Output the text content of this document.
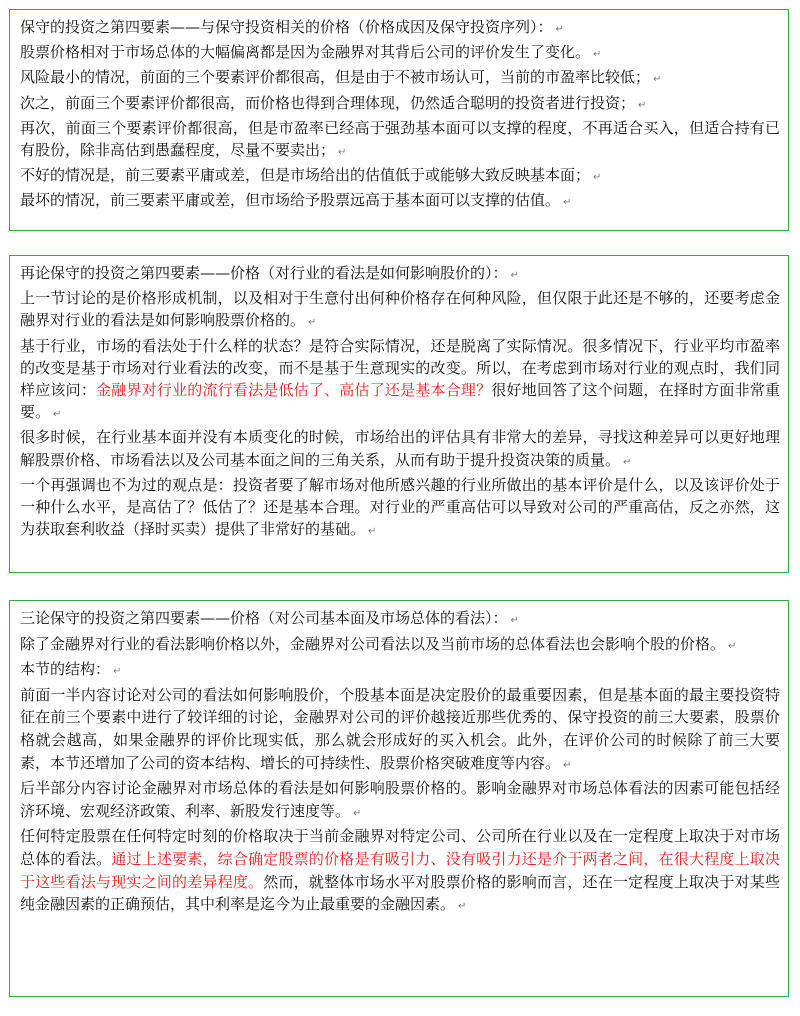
保守的投资之第四要素——与保守投资相关的价格（价格成因及保守投资序列）： ↵

股票价格相对于市场总体的大幅偏离都是因为金融界对其背后公司的评价发生了变化。 ↵

风险最小的情况，前面的三个要素评价都很高，但是由于不被市场认可，当前的市盈率比较低； ↵

次之，前面三个要素评价都很高，而价格也得到合理体现，仍然适合聪明的投资者进行投资； ↵

再次，前面三个要素评价都很高，但是市盈率已经高于强劲基本面可以支撑的程度，不再适合买入，但适合持有已有股份，除非高估到愚蠢程度，尽量不要卖出； ↵

不好的情况是，前三要素平庸或差，但是市场给出的估值低于或能够大致反映基本面； ↵

最坏的情况，前三要素平庸或差，但市场给予股票远高于基本面可以支撑的估值。 ↵

再论保守的投资之第四要素——价格（对行业的看法是如何影响股价的）： ↵

上一节讨论的是价格形成机制，以及相对于生意付出何种价格存在何种风险，但仅限于此还是不够的，还要考虑金融界对行业的看法是如何影响股票价格的。 ↵

基于行业，市场的看法处于什么样的状态？是符合实际情况，还是脱离了实际情况。很多情况下，行业平均市盈率的改变是基于市场对行业看法的改变，而不是基于生意现实的改变。所以，在考虑到市场对行业的观点时，我们同样应该问：金融界对行业的流行看法是低估了、高估了还是基本合理？很好地回答了这个问题，在择时方面非常重要。 ↵

很多时候，在行业基本面并没有本质变化的时候，市场给出的评估具有非常大的差异，寻找这种差异可以更好地理解股票价格、市场看法以及公司基本面之间的三角关系，从而有助于提升投资决策的质量。 ↵

一个再强调也不为过的观点是：投资者要了解市场对他所感兴趣的行业所做出的基本评价是什么，以及该评价处于一种什么水平，是高估了？低估了？还是基本合理。对行业的严重高估可以导致对公司的严重高估，反之亦然，这为获取套利收益（择时买卖）提供了非常好的基础。 ↵

三论保守的投资之第四要素——价格（对公司基本面及市场总体的看法）： ↵

除了金融界对行业的看法影响价格以外，金融界对公司看法以及当前市场的总体看法也会影响个股的价格。 ↵

本节的结构： ↵

前面一半内容讨论对公司的看法如何影响股价，个股基本面是决定股价的最重要因素，但是基本面的最主要投资特征在前三个要素中进行了较详细的讨论，金融界对公司的评价越接近那些优秀的、保守投资的前三大要素，股票价格就会越高，如果金融界的评价比现实低，那么就会形成好的买入机会。此外，在评价公司的时候除了前三大要素，本节还增加了公司的资本结构、增长的可持续性、股票价格突破难度等内容。 ↵

后半部分内容讨论金融界对市场总体的看法是如何影响股票价格的。影响金融界对市场总体看法的因素可能包括经济环境、宏观经济政策、利率、新股发行速度等。 ↵

任何特定股票在任何特定时刻的价格取决于当前金融界对特定公司、公司所在行业以及在一定程度上取决于对市场总体的看法。通过上述要素，综合确定股票的价格是有吸引力、没有吸引力还是介于两者之间，在很大程度上取决于这些看法与现实之间的差异程度。然而，就整体市场水平对股票价格的影响而言，还在一定程度上取决于对某些纯金融因素的正确预估，其中利率是迄今为止最重要的金融因素。 ↵
